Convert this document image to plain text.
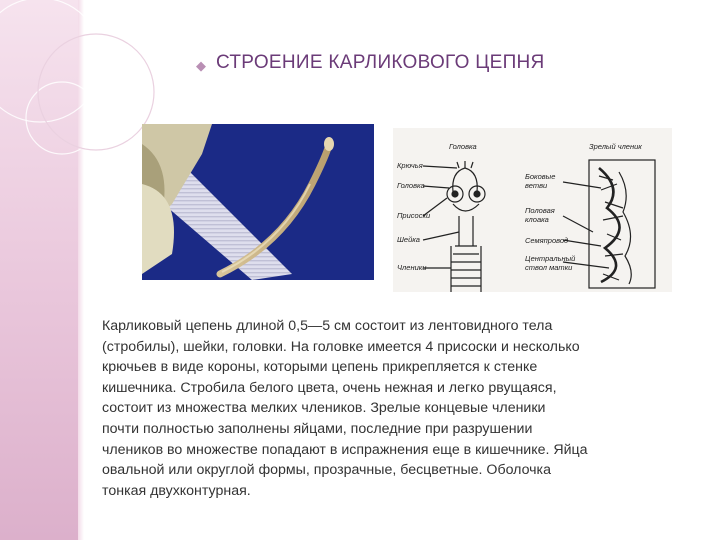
◆ СТРОЕНИЕ КАРЛИКОВОГО ЦЕПНЯ
Головка	Зрелый членик
Крючья
Головка
Присоски
Шейка
Членики
Боковые
ветви
Половая
клоака
Семяпровод
Центральный
ствол матки
Карликовый цепень длиной 0,5—5 см состоит из лентовидного тела
(стробилы), шейки, головки. На головке имеется 4 присоски и несколько
крючьев в виде короны, которыми цепень прикрепляется к стенке
кишечника. Стробила белого цвета, очень нежная и легко рвущаяся,
состоит из множества мелких члеников. Зрелые концевые членики
почти полностью заполнены яйцами, последние при разрушении
члеников во множестве попадают в испражнения еще в кишечнике. Яйца
овальной или округлой формы, прозрачные, бесцветные. Оболочка
тонкая двухконтурная.
